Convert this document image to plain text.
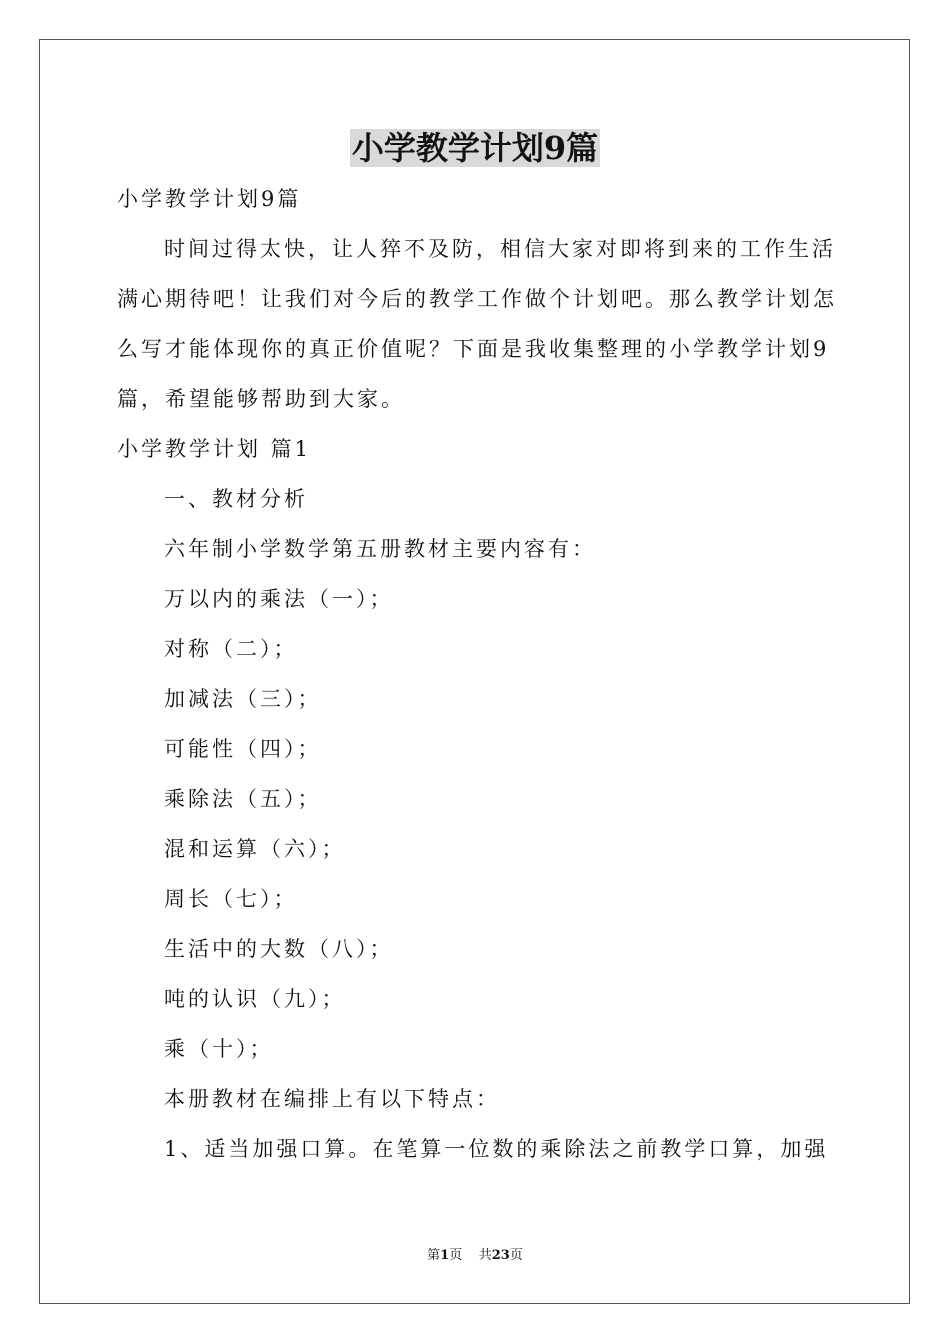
小学教学计划9篇

小学教学计划9篇

时间过得太快，让人猝不及防，相信大家对即将到来的工作生活

满心期待吧！让我们对今后的教学工作做个计划吧。那么教学计划怎

么写才能体现你的真正价值呢？下面是我收集整理的小学教学计划9

篇，希望能够帮助到大家。

小学教学计划 篇1

一、教材分析

六年制小学数学第五册教材主要内容有：

万以内的乘法（一）；

对称（二）；

加减法（三）；

可能性（四）；

乘除法（五）；

混和运算（六）；

周长（七）；

生活中的大数（八）；

吨的认识（九）；

乘（十）；

本册教材在编排上有以下特点：

1、适当加强口算。在笔算一位数的乘除法之前教学口算，加强

第1页 共23页
